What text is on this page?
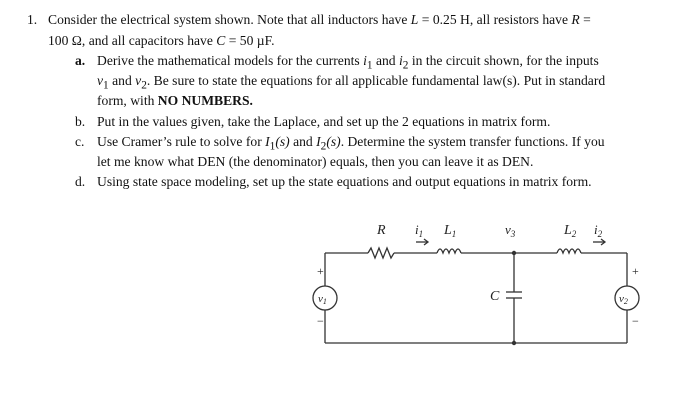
1. Consider the electrical system shown. Note that all inductors have L = 0.25 H, all resistors have R =
100 Ω, and all capacitors have C = 50 µF.
a. Derive the mathematical models for the currents $i_1$ and $i_2$ in the circuit shown, for the inputs
$v_1$ and $v_2$. Be sure to state the equations for all applicable fundamental law(s). Put in standard
form, with NO NUMBERS.
b. Put in the values given, take the Laplace, and set up the 2 equations in matrix form.
c. Use Cramer’s rule to solve for $I_1(s)$ and $I_2(s)$. Determine the system transfer functions. If you
let me know what DEN (the denominator) equals, then you can leave it as DEN.
d. Using state space modeling, set up the state equations and output equations in matrix form.
R $i_1$ $L_1$	$v_3$	$L_2$ $i_2$
C
v1	v2
+
−
+
−
